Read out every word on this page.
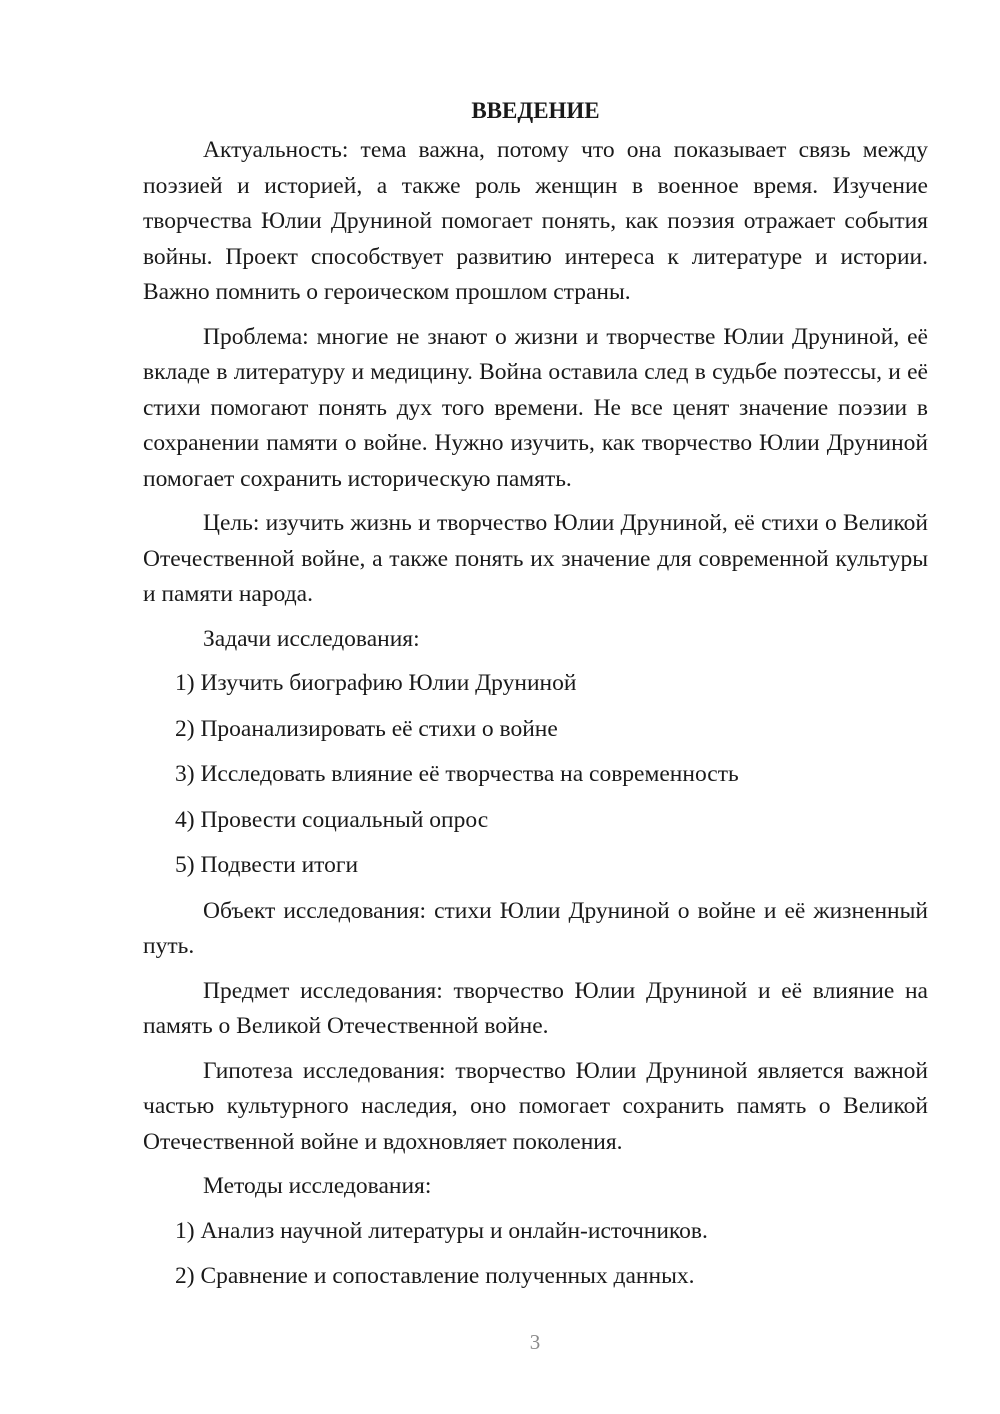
ВВЕДЕНИЕ

Актуальность: тема важна, потому что она показывает связь между поэзией и историей, а также роль женщин в военное время. Изучение творчества Юлии Друниной помогает понять, как поэзия отражает события войны. Проект способствует развитию интереса к литературе и истории. Важно помнить о героическом прошлом страны.

Проблема: многие не знают о жизни и творчестве Юлии Друниной, её вкладе в литературу и медицину. Война оставила след в судьбе поэтессы, и её стихи помогают понять дух того времени. Не все ценят значение поэзии в сохранении памяти о войне. Нужно изучить, как творчество Юлии Друниной помогает сохранить историческую память.

Цель: изучить жизнь и творчество Юлии Друниной, её стихи о Великой Отечественной войне, а также понять их значение для современной культуры и памяти народа.

Задачи исследования:

1) Изучить биографию Юлии Друниной
2) Проанализировать её стихи о войне
3) Исследовать влияние её творчества на современность
4) Провести социальный опрос
5) Подвести итоги

Объект исследования: стихи Юлии Друниной о войне и её жизненный путь.

Предмет исследования: творчество Юлии Друниной и её влияние на память о Великой Отечественной войне.

Гипотеза исследования: творчество Юлии Друниной является важной частью культурного наследия, оно помогает сохранить память о Великой Отечественной войне и вдохновляет поколения.

Методы исследования:

1) Анализ научной литературы и онлайн-источников.
2) Сравнение и сопоставление полученных данных.
3
